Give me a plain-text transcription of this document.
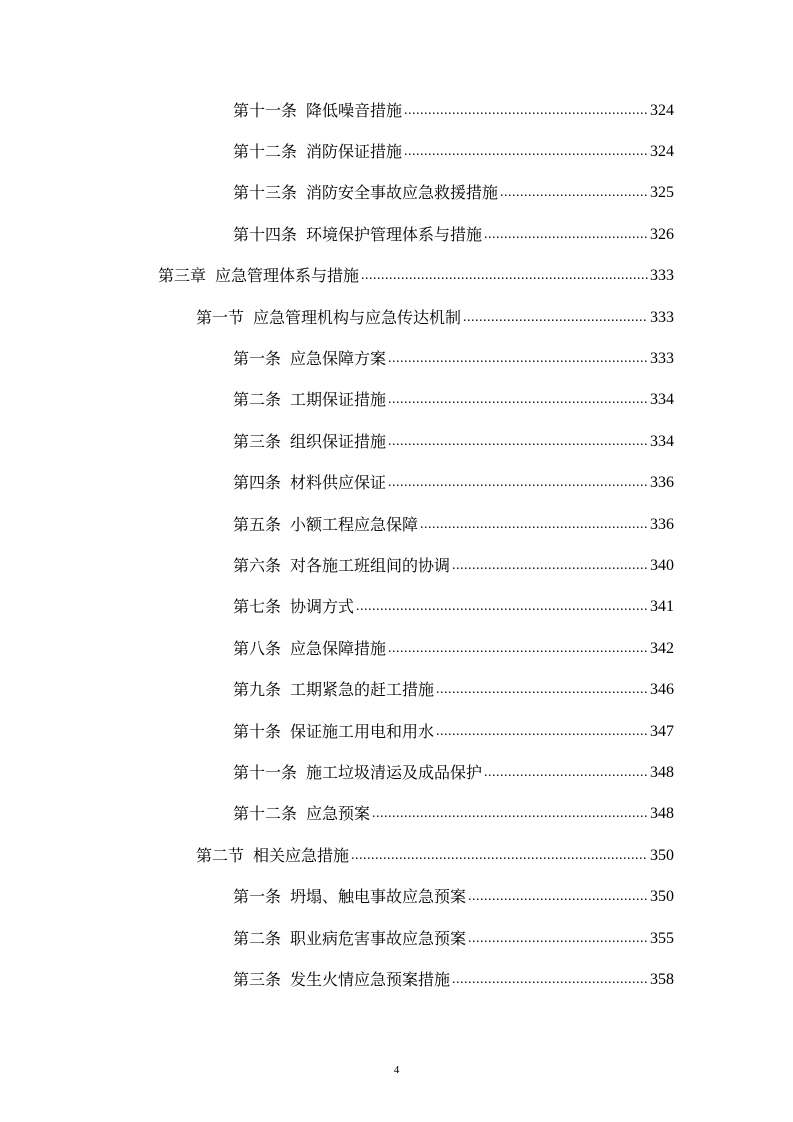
第十一条 降低噪音措施 .....	324
第十二条 消防保证措施 .....	324
第十三条 消防安全事故应急救援措施 .....	325
第十四条 环境保护管理体系与措施 .....	326
第三章 应急管理体系与措施 .....	333
第一节 应急管理机构与应急传达机制 .....	333
第一条 应急保障方案 .....	333
第二条 工期保证措施 .....	334
第三条 组织保证措施 .....	334
第四条 材料供应保证 .....	336
第五条 小额工程应急保障 .....	336
第六条 对各施工班组间的协调 .....	340
第七条 协调方式 .....	341
第八条 应急保障措施 .....	342
第九条 工期紧急的赶工措施 .....	346
第十条 保证施工用电和用水 .....	347
第十一条 施工垃圾清运及成品保护 .....	348
第十二条 应急预案 .....	348
第二节 相关应急措施 .....	350
第一条 坍塌、触电事故应急预案 .....	350
第二条 职业病危害事故应急预案 .....	355
第三条 发生火情应急预案措施 .....	358
4
